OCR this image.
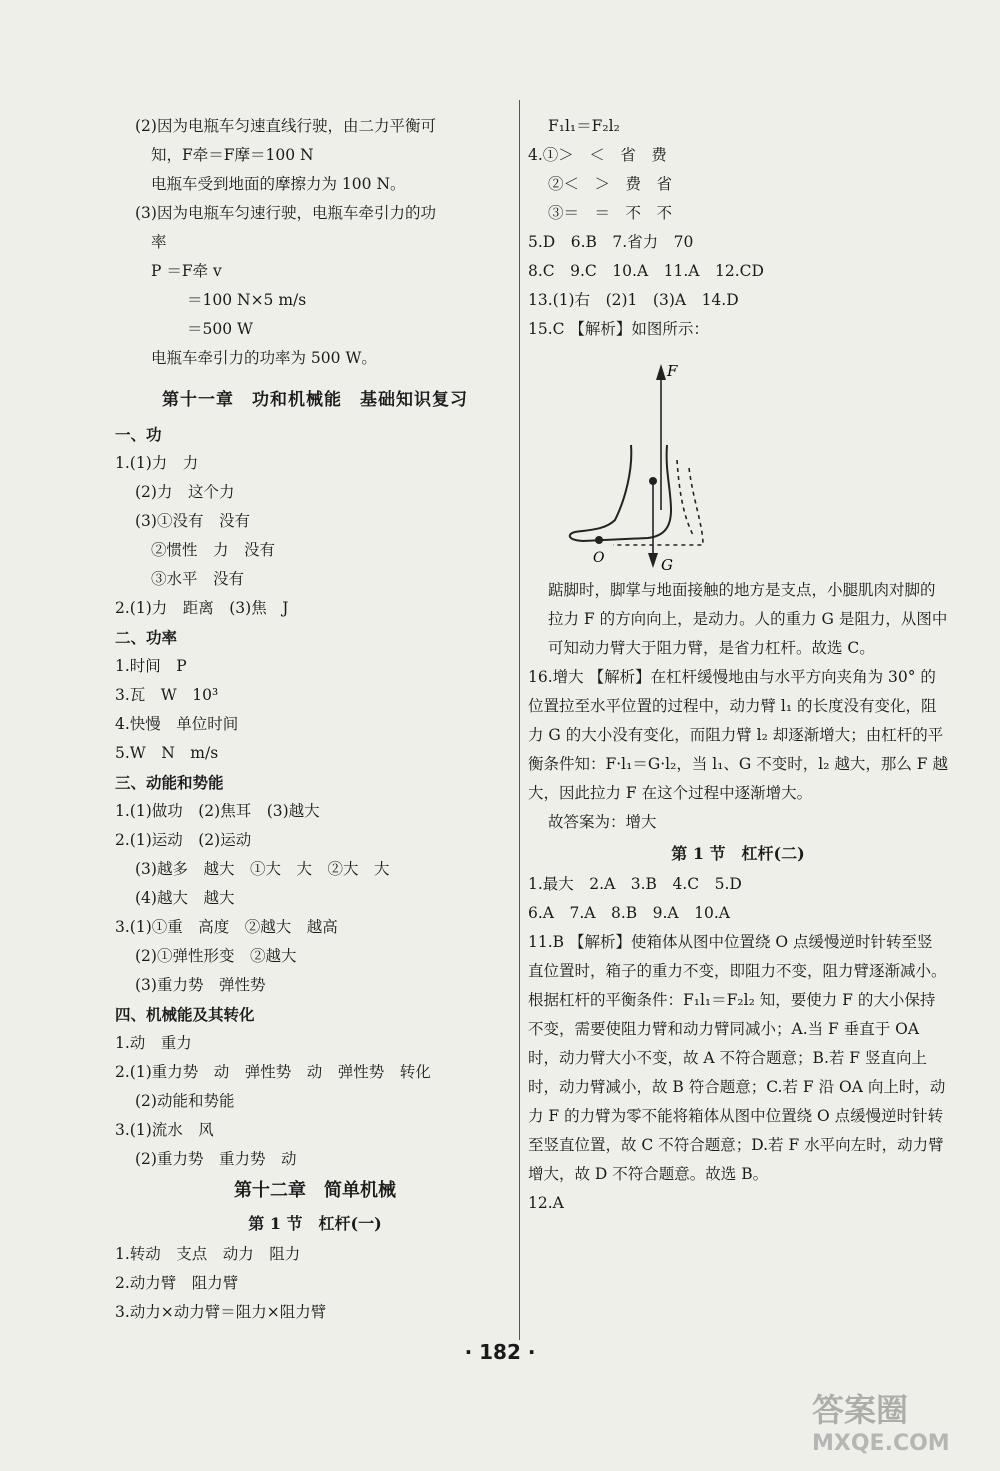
(2)因为电瓶车匀速直线行驶，由二力平衡可
知，F牵＝F摩＝100 N
电瓶车受到地面的摩擦力为 100 N。
(3)因为电瓶车匀速行驶，电瓶车牵引力的功
率
P ＝F牵 v
＝100 N×5 m/s
＝500 W
电瓶车牵引力的功率为 500 W。
第十一章　功和机械能　基础知识复习
一、功
1.(1)力　力
(2)力　这个力
(3)①没有　没有
②惯性　力　没有
③水平　没有
2.(1)力　距离　(3)焦　J
二、功率
1.时间　P
3.瓦　W　10³
4.快慢　单位时间
5.W　N　m/s
三、动能和势能
1.(1)做功　(2)焦耳　(3)越大
2.(1)运动　(2)运动
(3)越多　越大　①大　大　②大　大
(4)越大　越大
3.(1)①重　高度　②越大　越高
(2)①弹性形变　②越大
(3)重力势　弹性势
四、机械能及其转化
1.动　重力
2.(1)重力势　动　弹性势　动　弹性势　转化
(2)动能和势能
3.(1)流水　风
(2)重力势　重力势　动
第十二章　简单机械
第 1 节　杠杆(一)
1.转动　支点　动力　阻力
2.动力臂　阻力臂
3.动力×动力臂＝阻力×阻力臂
F₁l₁＝F₂l₂
4.①＞　＜　省　费
②＜　＞　费　省
③＝　＝　不　不
5.D　6.B　7.省力　70
8.C　9.C　10.A　11.A　12.CD
13.(1)右　(2)1　(3)A　14.D
15.C 【解析】如图所示：
F
O	G
踮脚时，脚掌与地面接触的地方是支点，小腿肌肉对脚的拉力 F 的方向向上，是动力。人的重力 G 是阻力，从图中可知动力臂大于阻力臂，是省力杠杆。故选 C。
16.增大 【解析】在杠杆缓慢地由与水平方向夹角为 30° 的位置拉至水平位置的过程中，动力臂 l₁ 的长度没有变化，阻力 G 的大小没有变化，而阻力臂 l₂ 却逐渐增大；由杠杆的平衡条件知：F·l₁＝G·l₂，当 l₁、G 不变时，l₂ 越大，那么 F 越大，因此拉力 F 在这个过程中逐渐增大。
故答案为：增大
第 1 节　杠杆(二)
1.最大　2.A　3.B　4.C　5.D
6.A　7.A　8.B　9.A　10.A
11.B 【解析】使箱体从图中位置绕 O 点缓慢逆时针转至竖直位置时，箱子的重力不变，即阻力不变，阻力臂逐渐减小。根据杠杆的平衡条件：F₁l₁＝F₂l₂ 知，要使力 F 的大小保持不变，需要使阻力臂和动力臂同减小；A.当 F 垂直于 OA 时，动力臂大小不变，故 A 不符合题意；B.若 F 竖直向上时，动力臂减小，故 B 符合题意；C.若 F 沿 OA 向上时，动力 F 的力臂为零不能将箱体从图中位置绕 O 点缓慢逆时针转至竖直位置，故 C 不符合题意；D.若 F 水平向左时，动力臂增大，故 D 不符合题意。故选 B。
12.A
· 182 ·
答案圈
MXQE.COM
